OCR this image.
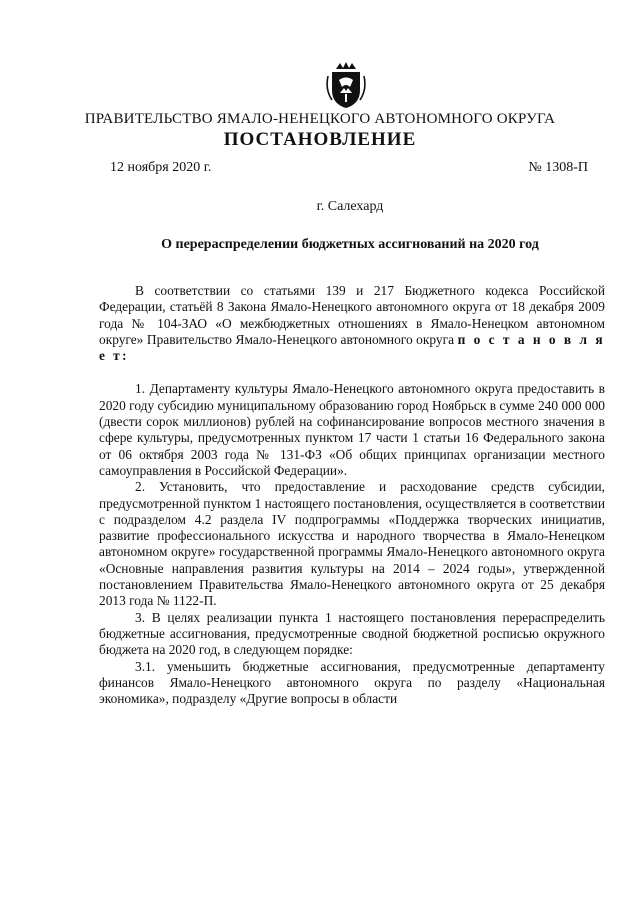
ПРАВИТЕЛЬСТВО ЯМАЛО-НЕНЕЦКОГО АВТОНОМНОГО ОКРУГА
ПОСТАНОВЛЕНИЕ
12 ноября 2020 г.	№ 1308-П
г. Салехард
О перераспределении бюджетных ассигнований на 2020 год

В соответствии со статьями 139 и 217 Бюджетного кодекса Российской Федерации, статьёй 8 Закона Ямало-Ненецкого автономного округа от 18 декабря 2009 года № 104-ЗАО «О межбюджетных отношениях в Ямало-Ненецком автономном округе» Правительство Ямало-Ненецкого автономного округа п о с т а н о в л я е т:

1. Департаменту культуры Ямало-Ненецкого автономного округа предоставить в 2020 году субсидию муниципальному образованию город Ноябрьск в сумме 240 000 000 (двести сорок миллионов) рублей на софинансирование вопросов местного значения в сфере культуры, предусмотренных пунктом 17 части 1 статьи 16 Федерального закона от 06 октября 2003 года № 131-ФЗ «Об общих принципах организации местного самоуправления в Российской Федерации».

2. Установить, что предоставление и расходование средств субсидии, предусмотренной пунктом 1 настоящего постановления, осуществляется в соответствии с подразделом 4.2 раздела IV подпрограммы «Поддержка творческих инициатив, развитие профессионального искусства и народного творчества в Ямало-Ненецком автономном округе» государственной программы Ямало-Ненецкого автономного округа «Основные направления развития культуры на 2014 – 2024 годы», утвержденной постановлением Правительства Ямало-Ненецкого автономного округа от 25 декабря 2013 года № 1122-П.

3. В целях реализации пункта 1 настоящего постановления перераспределить бюджетные ассигнования, предусмотренные сводной бюджетной росписью окружного бюджета на 2020 год, в следующем порядке:

3.1. уменьшить бюджетные ассигнования, предусмотренные департаменту финансов Ямало-Ненецкого автономного округа по разделу «Национальная экономика», подразделу «Другие вопросы в области
